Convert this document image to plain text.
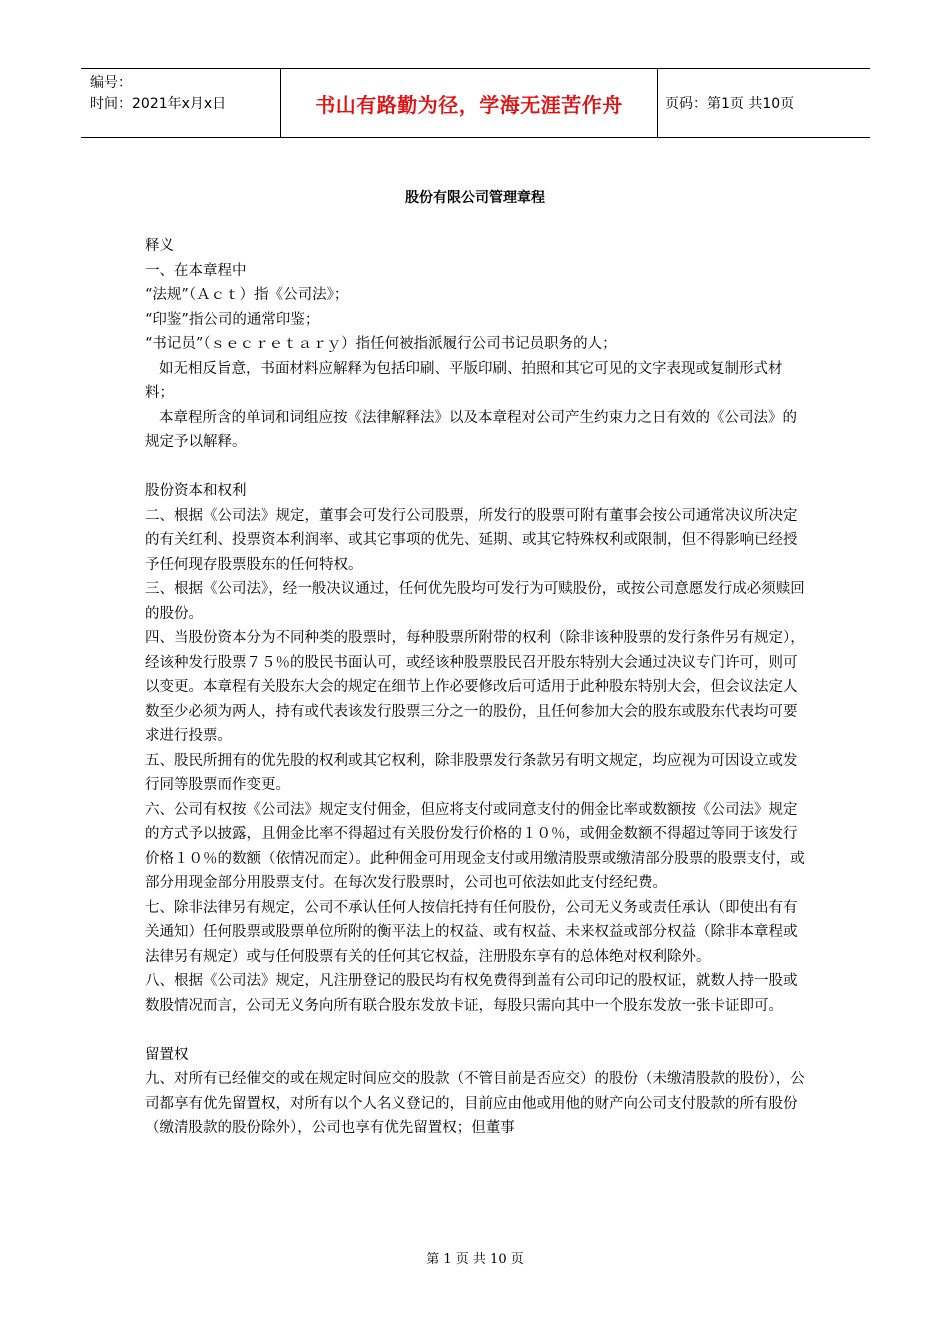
编号：
时间：2021年x月x日	书山有路勤为径，学海无涯苦作舟	页码：第1页 共10页
股份有限公司管理章程

释义

一、在本章程中

“法规”（Ａｃｔ）指《公司法》；

“印鉴”指公司的通常印鉴；

“书记员”（ｓｅｃｒｅｔａｒｙ）指任何被指派履行公司书记员职务的人；

如无相反旨意，书面材料应解释为包括印刷、平版印刷、拍照和其它可见的文字表现或复制形式材料；

本章程所含的单词和词组应按《法律解释法》以及本章程对公司产生约束力之日有效的《公司法》的规定予以解释。

股份资本和权利

二、根据《公司法》规定，董事会可发行公司股票，所发行的股票可附有董事会按公司通常决议所决定的有关红利、投票资本利润率、或其它事项的优先、延期、或其它特殊权利或限制，但不得影响已经授予任何现存股票股东的任何特权。

三、根据《公司法》，经一般决议通过，任何优先股均可发行为可赎股份，或按公司意愿发行成必须赎回的股份。

四、当股份资本分为不同种类的股票时，每种股票所附带的权利（除非该种股票的发行条件另有规定），经该种发行股票７５％的股民书面认可，或经该种股票股民召开股东特别大会通过决议专门许可，则可以变更。本章程有关股东大会的规定在细节上作必要修改后可适用于此种股东特别大会，但会议法定人数至少必须为两人，持有或代表该发行股票三分之一的股份，且任何参加大会的股东或股东代表均可要求进行投票。

五、股民所拥有的优先股的权利或其它权利，除非股票发行条款另有明文规定，均应视为可因设立或发行同等股票而作变更。

六、公司有权按《公司法》规定支付佣金，但应将支付或同意支付的佣金比率或数额按《公司法》规定的方式予以披露，且佣金比率不得超过有关股份发行价格的１０％，或佣金数额不得超过等同于该发行价格１０％的数额（依情况而定）。此种佣金可用现金支付或用缴清股票或缴清部分股票的股票支付，或部分用现金部分用股票支付。在每次发行股票时，公司也可依法如此支付经纪费。

七、除非法律另有规定，公司不承认任何人按信托持有任何股份，公司无义务或责任承认（即使出有有关通知）任何股票或股票单位所附的衡平法上的权益、或有权益、未来权益或部分权益（除非本章程或法律另有规定）或与任何股票有关的任何其它权益，注册股东享有的总体绝对权利除外。

八、根据《公司法》规定，凡注册登记的股民均有权免费得到盖有公司印记的股权证，就数人持一股或数股情况而言，公司无义务向所有联合股东发放卡证，每股只需向其中一个股东发放一张卡证即可。

留置权

九、对所有已经催交的或在规定时间应交的股款（不管目前是否应交）的股份（未缴清股款的股份），公司都享有优先留置权，对所有以个人名义登记的，目前应由他或用他的财产向公司支付股款的所有股份（缴清股款的股份除外），公司也享有优先留置权；但董事

第 1 页 共 10 页
